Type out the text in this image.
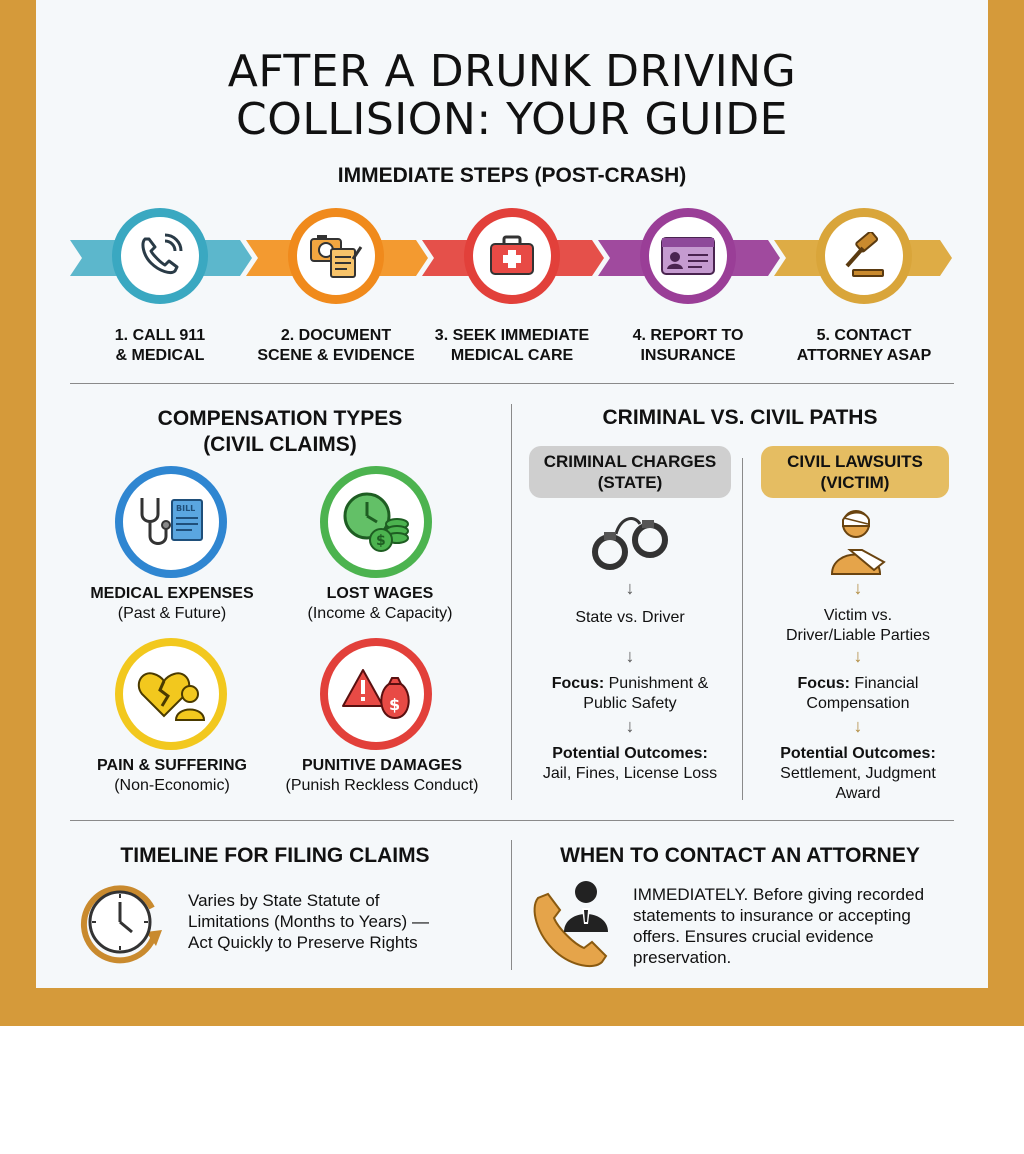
AFTER A DRUNK DRIVING
COLLISION: YOUR GUIDE
IMMEDIATE STEPS (POST-CRASH)
1. CALL 911
& MEDICAL
2. DOCUMENT
SCENE & EVIDENCE
3. SEEK IMMEDIATE
MEDICAL CARE
4. REPORT TO
INSURANCE
5. CONTACT
ATTORNEY ASAP
COMPENSATION TYPES
(CIVIL CLAIMS)
BILL
$
$
MEDICAL EXPENSES
(Past & Future)
LOST WAGES
(Income & Capacity)
PAIN & SUFFERING
(Non-Economic)
PUNITIVE DAMAGES
(Punish Reckless Conduct)
CRIMINAL VS. CIVIL PATHS
CRIMINAL CHARGES
(STATE)
CIVIL LAWSUITS
(VICTIM)
↓
State vs. Driver
↓
Focus: Punishment &
Public Safety
↓
Potential Outcomes:
Jail, Fines, License Loss
↓
Victim vs.
Driver/Liable Parties
↓
Focus: Financial
Compensation
↓
Potential Outcomes:
Settlement, Judgment
Award
TIMELINE FOR FILING CLAIMS
Varies by State Statute of
Limitations (Months to Years) —
Act Quickly to Preserve Rights
WHEN TO CONTACT AN ATTORNEY
IMMEDIATELY. Before giving recorded
statements to insurance or accepting
offers. Ensures crucial evidence
preservation.
